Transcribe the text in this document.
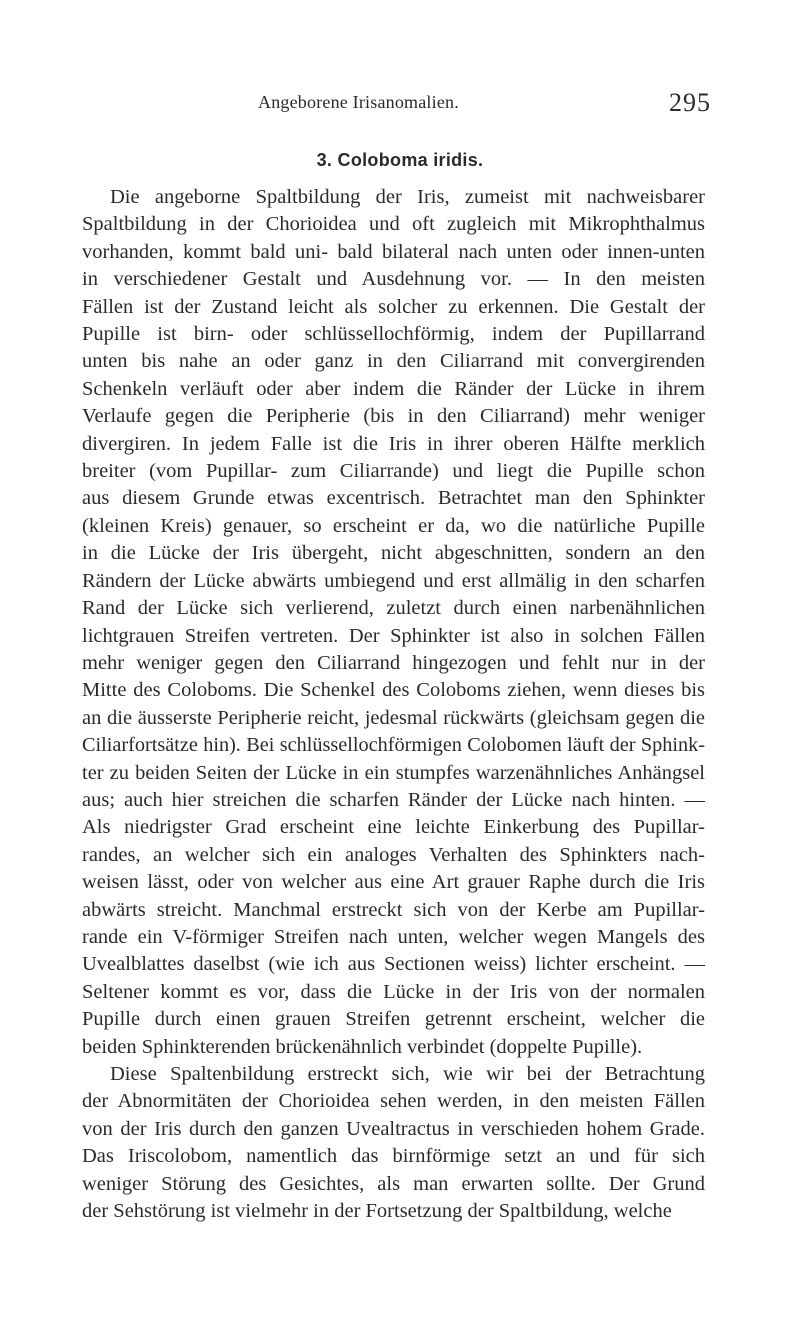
Angeborene Irisanomalien.	295
3. Coloboma iridis.
Die angeborne Spaltbildung der Iris, zumeist mit nachweisbarer
Spaltbildung in der Chorioidea und oft zugleich mit Mikrophthalmus
vorhanden, kommt bald uni- bald bilateral nach unten oder innen-unten
in verschiedener Gestalt und Ausdehnung vor. — In den meisten
Fällen ist der Zustand leicht als solcher zu erkennen. Die Gestalt der
Pupille ist birn- oder schlüssellochförmig, indem der Pupillarrand
unten bis nahe an oder ganz in den Ciliarrand mit convergirenden
Schenkeln verläuft oder aber indem die Ränder der Lücke in ihrem
Verlaufe gegen die Peripherie (bis in den Ciliarrand) mehr weniger
divergiren. In jedem Falle ist die Iris in ihrer oberen Hälfte merklich
breiter (vom Pupillar- zum Ciliarrande) und liegt die Pupille schon
aus diesem Grunde etwas excentrisch. Betrachtet man den Sphinkter
(kleinen Kreis) genauer, so erscheint er da, wo die natürliche Pupille
in die Lücke der Iris übergeht, nicht abgeschnitten, sondern an den
Rändern der Lücke abwärts umbiegend und erst allmälig in den scharfen
Rand der Lücke sich verlierend, zuletzt durch einen narbenähnlichen
lichtgrauen Streifen vertreten. Der Sphinkter ist also in solchen Fällen
mehr weniger gegen den Ciliarrand hingezogen und fehlt nur in der
Mitte des Coloboms. Die Schenkel des Coloboms ziehen, wenn dieses bis
an die äusserste Peripherie reicht, jedesmal rückwärts (gleichsam gegen die
Ciliarfortsätze hin). Bei schlüssellochförmigen Colobomen läuft der Sphink-
ter zu beiden Seiten der Lücke in ein stumpfes warzenähnliches Anhängsel
aus; auch hier streichen die scharfen Ränder der Lücke nach hinten. —
Als niedrigster Grad erscheint eine leichte Einkerbung des Pupillar-
randes, an welcher sich ein analoges Verhalten des Sphinkters nach-
weisen lässt, oder von welcher aus eine Art grauer Raphe durch die Iris
abwärts streicht. Manchmal erstreckt sich von der Kerbe am Pupillar-
rande ein V-förmiger Streifen nach unten, welcher wegen Mangels des
Uvealblattes daselbst (wie ich aus Sectionen weiss) lichter erscheint. —
Seltener kommt es vor, dass die Lücke in der Iris von der normalen
Pupille durch einen grauen Streifen getrennt erscheint, welcher die
beiden Sphinkterenden brückenähnlich verbindet (doppelte Pupille).
Diese Spaltenbildung erstreckt sich, wie wir bei der Betrachtung
der Abnormitäten der Chorioidea sehen werden, in den meisten Fällen
von der Iris durch den ganzen Uvealtractus in verschieden hohem Grade.
Das Iriscolobom, namentlich das birnförmige setzt an und für sich
weniger Störung des Gesichtes, als man erwarten sollte. Der Grund
der Sehstörung ist vielmehr in der Fortsetzung der Spaltbildung, welche
